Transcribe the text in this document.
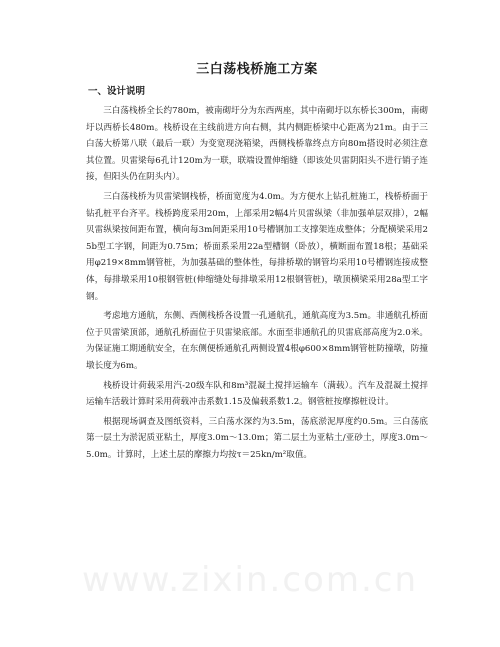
三白荡栈桥施工方案
一、设计说明

三白荡栈桥全长约780m，被南砌圩分为东西两座，其中南砌圩以东桥长300m，南砌圩以西桥长480m。栈桥设在主线前进方向右侧，其内侧距桥梁中心距离为21m。由于三白荡大桥第八联（最后一联）为变宽现浇箱梁，西侧栈桥靠终点方向80m搭设时必须注意其位置。贝雷梁每6孔计120m为一联，联端设置伸缩缝（即该处贝雷阴阳头不进行销子连接，但阳头仍在阴头内）。

三白荡栈桥为贝雷梁钢栈桥，桥面宽度为4.0m。为方便水上钻孔桩施工，栈桥桥面于钻孔桩平台齐平。栈桥跨度采用20m，上部采用2幅4片贝雷纵梁（非加强单层双排），2幅贝雷纵梁按间距布置，横向每3m间距采用10号槽钢加工支撑架连成整体；分配横梁采用25b型工字钢，间距为0.75m；桥面系采用22a型槽钢（卧放），横断面布置18根；基础采用φ219×8mm钢管桩，为加强基础的整体性，每排桥墩的钢管均采用10号槽钢连接成整体，每排墩采用10根钢管桩(伸缩缝处每排墩采用12根钢管桩)，墩顶横梁采用28a型工字钢。

考虑地方通航，东侧、西侧栈桥各设置一孔通航孔，通航高度为3.5m。非通航孔桥面位于贝雷梁顶部，通航孔桥面位于贝雷梁底部。水面至非通航孔的贝雷底部高度为2.0米。为保证施工期通航安全，在东侧便桥通航孔两侧设置4根φ600×8mm钢管桩防撞墩，防撞墩长度为6m。

栈桥设计荷载采用汽-20级车队和8m³混凝土搅拌运输车（满载）。汽车及混凝土搅拌运输车活载计算时采用荷载冲击系数1.15及偏载系数1.2。钢管桩按摩擦桩设计。

根据现场调查及图纸资料，三白荡水深约为3.5m，荡底淤泥厚度约0.5m。三白荡底第一层土为淤泥质亚粘土，厚度3.0m～13.0m；第二层土为亚粘土/亚砂土，厚度3.0m～5.0m。计算时，上述土层的摩擦力均按τ＝25kn/m²取值。

www.zixin.com.cn
